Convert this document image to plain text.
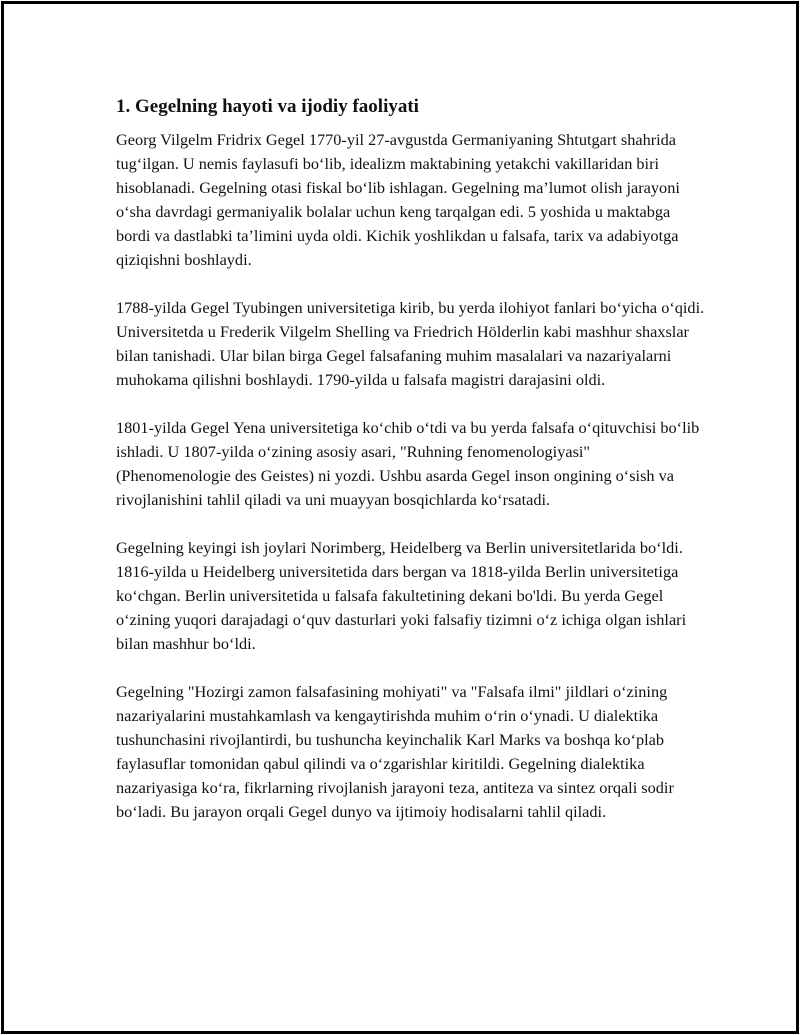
1. Gegelning hayoti va ijodiy faoliyati

Georg Vilgelm Fridrix Gegel 1770-yil 27-avgustda Germaniyaning Shtutgart shahrida tug‘ilgan. U nemis faylasufi bo‘lib, idealizm maktabining yetakchi vakillaridan biri hisoblanadi. Gegelning otasi fiskal bo‘lib ishlagan. Gegelning ma’lumot olish jarayoni o‘sha davrdagi germaniyalik bolalar uchun keng tarqalgan edi. 5 yoshida u maktabga bordi va dastlabki ta’limini uyda oldi. Kichik yoshlikdan u falsafa, tarix va adabiyotga qiziqishni boshlaydi.

1788-yilda Gegel Tyubingen universitetiga kirib, bu yerda ilohiyot fanlari bo‘yicha o‘qidi. Universitetda u Frederik Vilgelm Shelling va Friedrich Hölderlin kabi mashhur shaxslar bilan tanishadi. Ular bilan birga Gegel falsafaning muhim masalalari va nazariyalarni muhokama qilishni boshlaydi. 1790-yilda u falsafa magistri darajasini oldi.

1801-yilda Gegel Yena universitetiga ko‘chib o‘tdi va bu yerda falsafa o‘qituvchisi bo‘lib ishladi. U 1807-yilda o‘zining asosiy asari, "Ruhning fenomenologiyasi" (Phenomenologie des Geistes) ni yozdi. Ushbu asarda Gegel inson ongining o‘sish va rivojlanishini tahlil qiladi va uni muayyan bosqichlarda ko‘rsatadi.

Gegelning keyingi ish joylari Norimberg, Heidelberg va Berlin universitetlarida bo‘ldi. 1816-yilda u Heidelberg universitetida dars bergan va 1818-yilda Berlin universitetiga ko‘chgan. Berlin universitetida u falsafa fakultetining dekani bo'ldi. Bu yerda Gegel o‘zining yuqori darajadagi o‘quv dasturlari yoki falsafiy tizimni o‘z ichiga olgan ishlari bilan mashhur bo‘ldi.

Gegelning "Hozirgi zamon falsafasining mohiyati" va "Falsafa ilmi" jildlari o‘zining nazariyalarini mustahkamlash va kengaytirishda muhim o‘rin o‘ynadi. U dialektika tushunchasini rivojlantirdi, bu tushuncha keyinchalik Karl Marks va boshqa ko‘plab faylasuflar tomonidan qabul qilindi va o‘zgarishlar kiritildi. Gegelning dialektika nazariyasiga ko‘ra, fikrlarning rivojlanish jarayoni teza, antiteza va sintez orqali sodir bo‘ladi. Bu jarayon orqali Gegel dunyo va ijtimoiy hodisalarni tahlil qiladi.
